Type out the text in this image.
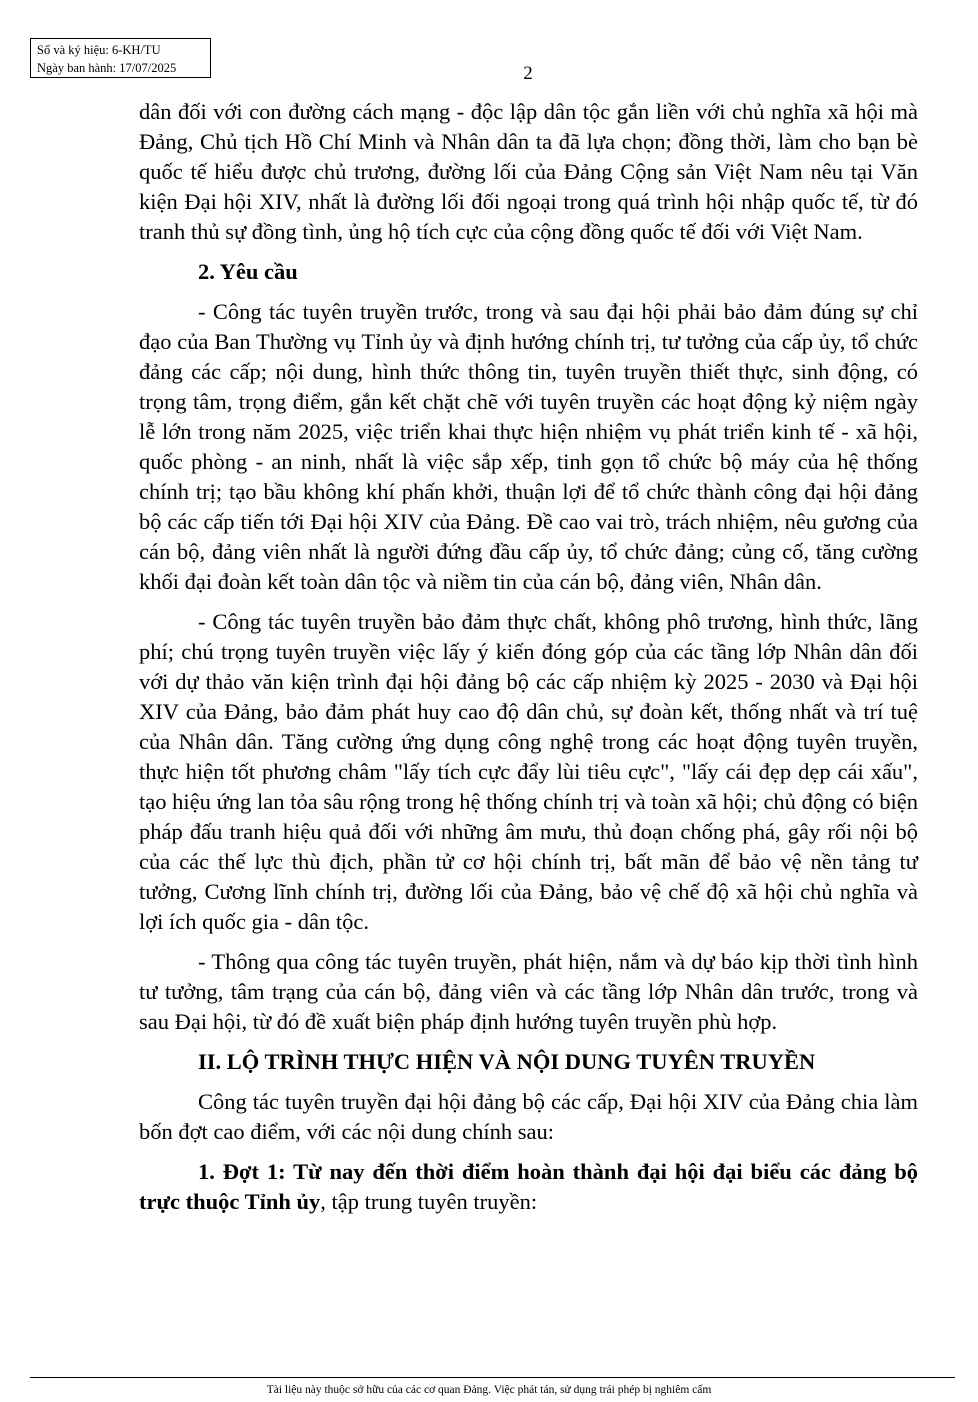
Số và ký hiệu: 6-KH/TU
Ngày ban hành: 17/07/2025	2

dân đối với con đường cách mạng - độc lập dân tộc gắn liền với chủ nghĩa xã hội mà Đảng, Chủ tịch Hồ Chí Minh và Nhân dân ta đã lựa chọn; đồng thời, làm cho bạn bè quốc tế hiểu được chủ trương, đường lối của Đảng Cộng sản Việt Nam nêu tại Văn kiện Đại hội XIV, nhất là đường lối đối ngoại trong quá trình hội nhập quốc tế, từ đó tranh thủ sự đồng tình, ủng hộ tích cực của cộng đồng quốc tế đối với Việt Nam.

2. Yêu cầu

- Công tác tuyên truyền trước, trong và sau đại hội phải bảo đảm đúng sự chỉ đạo của Ban Thường vụ Tỉnh ủy và định hướng chính trị, tư tưởng của cấp ủy, tổ chức đảng các cấp; nội dung, hình thức thông tin, tuyên truyền thiết thực, sinh động, có trọng tâm, trọng điểm, gắn kết chặt chẽ với tuyên truyền các hoạt động kỷ niệm ngày lễ lớn trong năm 2025, việc triển khai thực hiện nhiệm vụ phát triển kinh tế - xã hội, quốc phòng - an ninh, nhất là việc sắp xếp, tinh gọn tổ chức bộ máy của hệ thống chính trị; tạo bầu không khí phấn khởi, thuận lợi để tổ chức thành công đại hội đảng bộ các cấp tiến tới Đại hội XIV của Đảng. Đề cao vai trò, trách nhiệm, nêu gương của cán bộ, đảng viên nhất là người đứng đầu cấp ủy, tổ chức đảng; củng cố, tăng cường khối đại đoàn kết toàn dân tộc và niềm tin của cán bộ, đảng viên, Nhân dân.

- Công tác tuyên truyền bảo đảm thực chất, không phô trương, hình thức, lãng phí; chú trọng tuyên truyền việc lấy ý kiến đóng góp của các tầng lớp Nhân dân đối với dự thảo văn kiện trình đại hội đảng bộ các cấp nhiệm kỳ 2025 - 2030 và Đại hội XIV của Đảng, bảo đảm phát huy cao độ dân chủ, sự đoàn kết, thống nhất và trí tuệ của Nhân dân. Tăng cường ứng dụng công nghệ trong các hoạt động tuyên truyền, thực hiện tốt phương châm "lấy tích cực đẩy lùi tiêu cực", "lấy cái đẹp dẹp cái xấu", tạo hiệu ứng lan tỏa sâu rộng trong hệ thống chính trị và toàn xã hội; chủ động có biện pháp đấu tranh hiệu quả đối với những âm mưu, thủ đoạn chống phá, gây rối nội bộ của các thế lực thù địch, phần tử cơ hội chính trị, bất mãn để bảo vệ nền tảng tư tưởng, Cương lĩnh chính trị, đường lối của Đảng, bảo vệ chế độ xã hội chủ nghĩa và lợi ích quốc gia - dân tộc.

- Thông qua công tác tuyên truyền, phát hiện, nắm và dự báo kịp thời tình hình tư tưởng, tâm trạng của cán bộ, đảng viên và các tầng lớp Nhân dân trước, trong và sau Đại hội, từ đó đề xuất biện pháp định hướng tuyên truyền phù hợp.

II. LỘ TRÌNH THỰC HIỆN VÀ NỘI DUNG TUYÊN TRUYỀN

Công tác tuyên truyền đại hội đảng bộ các cấp, Đại hội XIV của Đảng chia làm bốn đợt cao điểm, với các nội dung chính sau:

1. Đợt 1: Từ nay đến thời điểm hoàn thành đại hội đại biểu các đảng bộ trực thuộc Tỉnh ủy, tập trung tuyên truyền:

Tài liệu này thuộc sở hữu của các cơ quan Đảng. Việc phát tán, sử dụng trái phép bị nghiêm cấm
